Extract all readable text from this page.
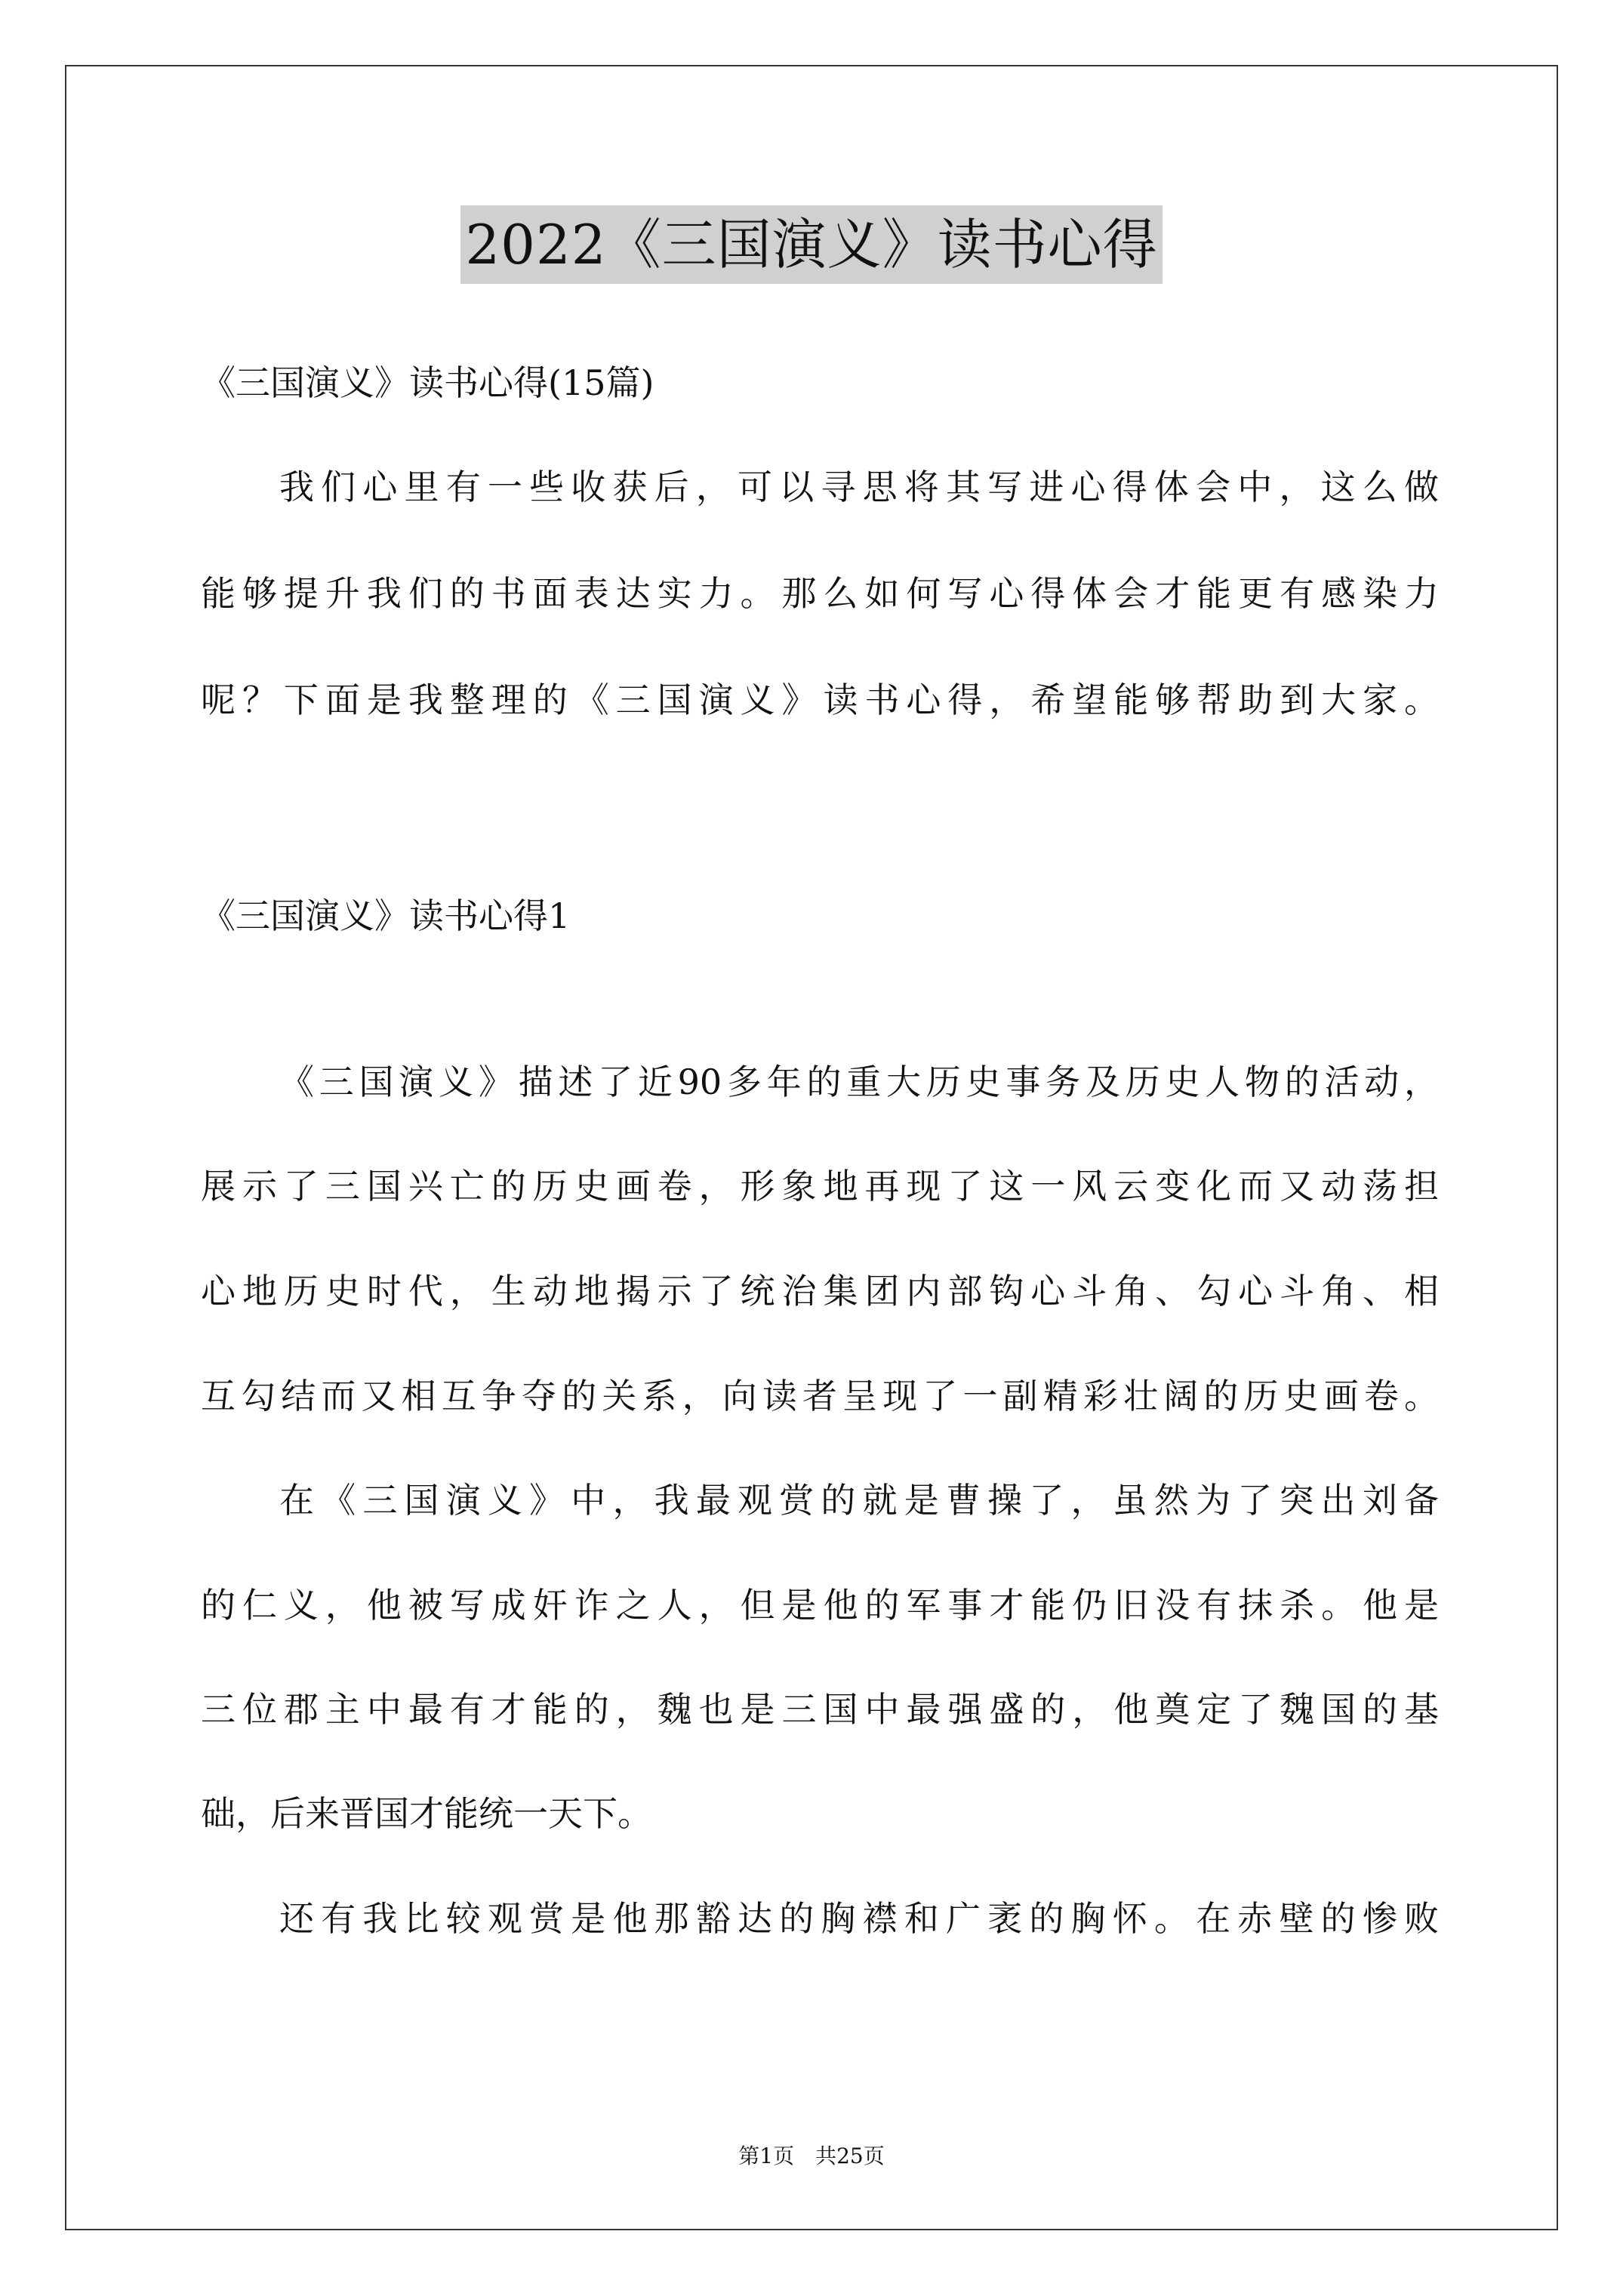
2022《三国演义》读书心得
《三国演义》读书心得(15篇)
我们心里有一些收获后，可以寻思将其写进心得体会中，这么做
能够提升我们的书面表达实力。那么如何写心得体会才能更有感染力
呢？下面是我整理的《三国演义》读书心得，希望能够帮助到大家。
《三国演义》读书心得1
《三国演义》描述了近90多年的重大历史事务及历史人物的活动，
展示了三国兴亡的历史画卷，形象地再现了这一风云变化而又动荡担
心地历史时代，生动地揭示了统治集团内部钩心斗角、勾心斗角、相
互勾结而又相互争夺的关系，向读者呈现了一副精彩壮阔的历史画卷。
在《三国演义》中，我最观赏的就是曹操了，虽然为了突出刘备
的仁义，他被写成奸诈之人，但是他的军事才能仍旧没有抹杀。他是
三位郡主中最有才能的，魏也是三国中最强盛的，他奠定了魏国的基
础，后来晋国才能统一天下。
还有我比较观赏是他那豁达的胸襟和广袤的胸怀。在赤壁的惨败
第1页　共25页
